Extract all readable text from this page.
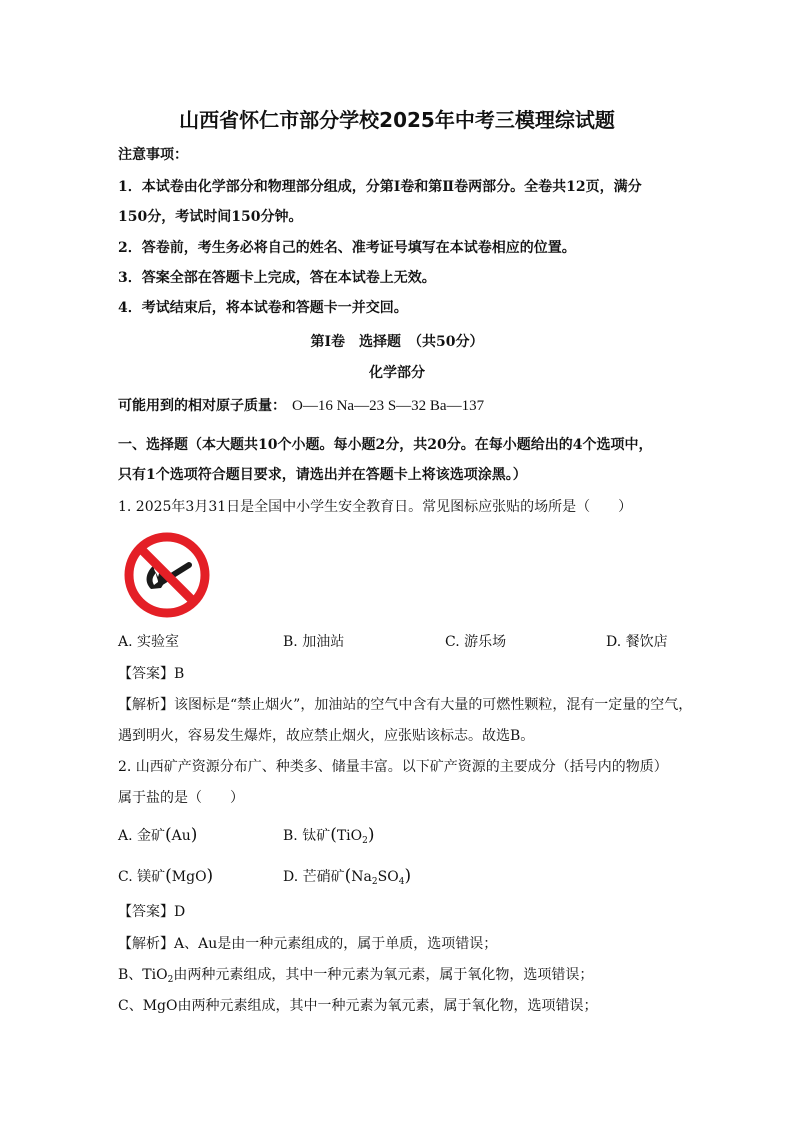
山西省怀仁市部分学校2025年中考三模理综试题
注意事项：
1．本试卷由化学部分和物理部分组成，分第Ⅰ卷和第Ⅱ卷两部分。全卷共12页，满分
150分，考试时间150分钟。
2．答卷前，考生务必将自己的姓名、准考证号填写在本试卷相应的位置。
3．答案全部在答题卡上完成，答在本试卷上无效。
4．考试结束后，将本试卷和答题卡一并交回。
第Ⅰ卷　选择题　（共50分）
化学部分
可能用到的相对原子质量： O—16 Na—23 S—32 Ba—137
一、选择题（本大题共10个小题。每小题2分，共20分。在每小题给出的4个选项中，
只有1个选项符合题目要求，请选出并在答题卡上将该选项涂黑。）
1. 2025年3月31日是全国中小学生安全教育日。常见图标应张贴的场所是（　　）
A. 实验室	B. 加油站	C. 游乐场	D. 餐饮店
【答案】B
【解析】该图标是“禁止烟火”，加油站的空气中含有大量的可燃性颗粒，混有一定量的空气，
遇到明火，容易发生爆炸，故应禁止烟火，应张贴该标志。故选B。
2. 山西矿产资源分布广、种类多、储量丰富。以下矿产资源的主要成分（括号内的物质）
属于盐的是（　　）
A. 金矿(Au)	B. 钛矿(TiO$_2$)
C. 镁矿(MgO)	D. 芒硝矿$(Na_2SO_4)$
【答案】D
【解析】A、Au是由一种元素组成的，属于单质，选项错误；
B、TiO$_2$由两种元素组成，其中一种元素为氧元素，属于氧化物，选项错误；
C、MgO由两种元素组成，其中一种元素为氧元素，属于氧化物，选项错误；
